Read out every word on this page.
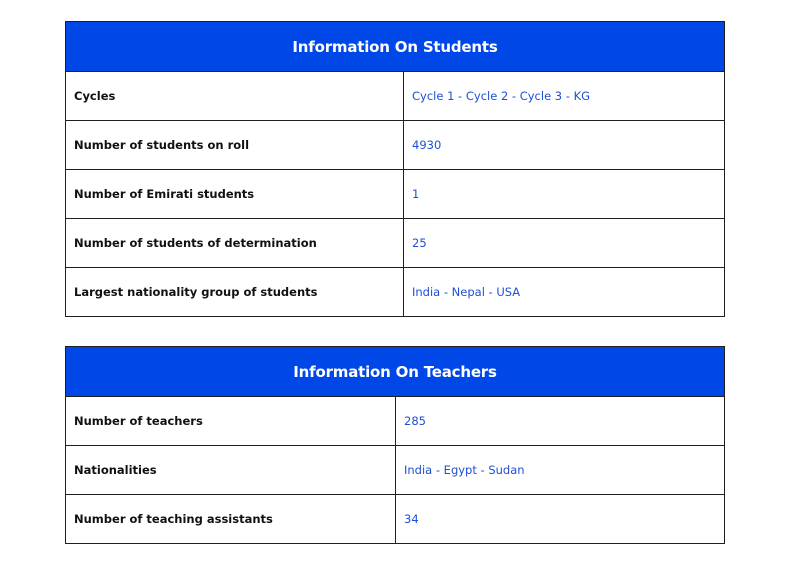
Information On Students	
Cycles	Cycle 1 - Cycle 2 - Cycle 3 - KG
Number of students on roll	4930
Number of Emirati students	1
Number of students of determination	25
Largest nationality group of students	India - Nepal - USA
Information On Teachers	
Number of teachers	285
Nationalities	India - Egypt - Sudan
Number of teaching assistants	34
